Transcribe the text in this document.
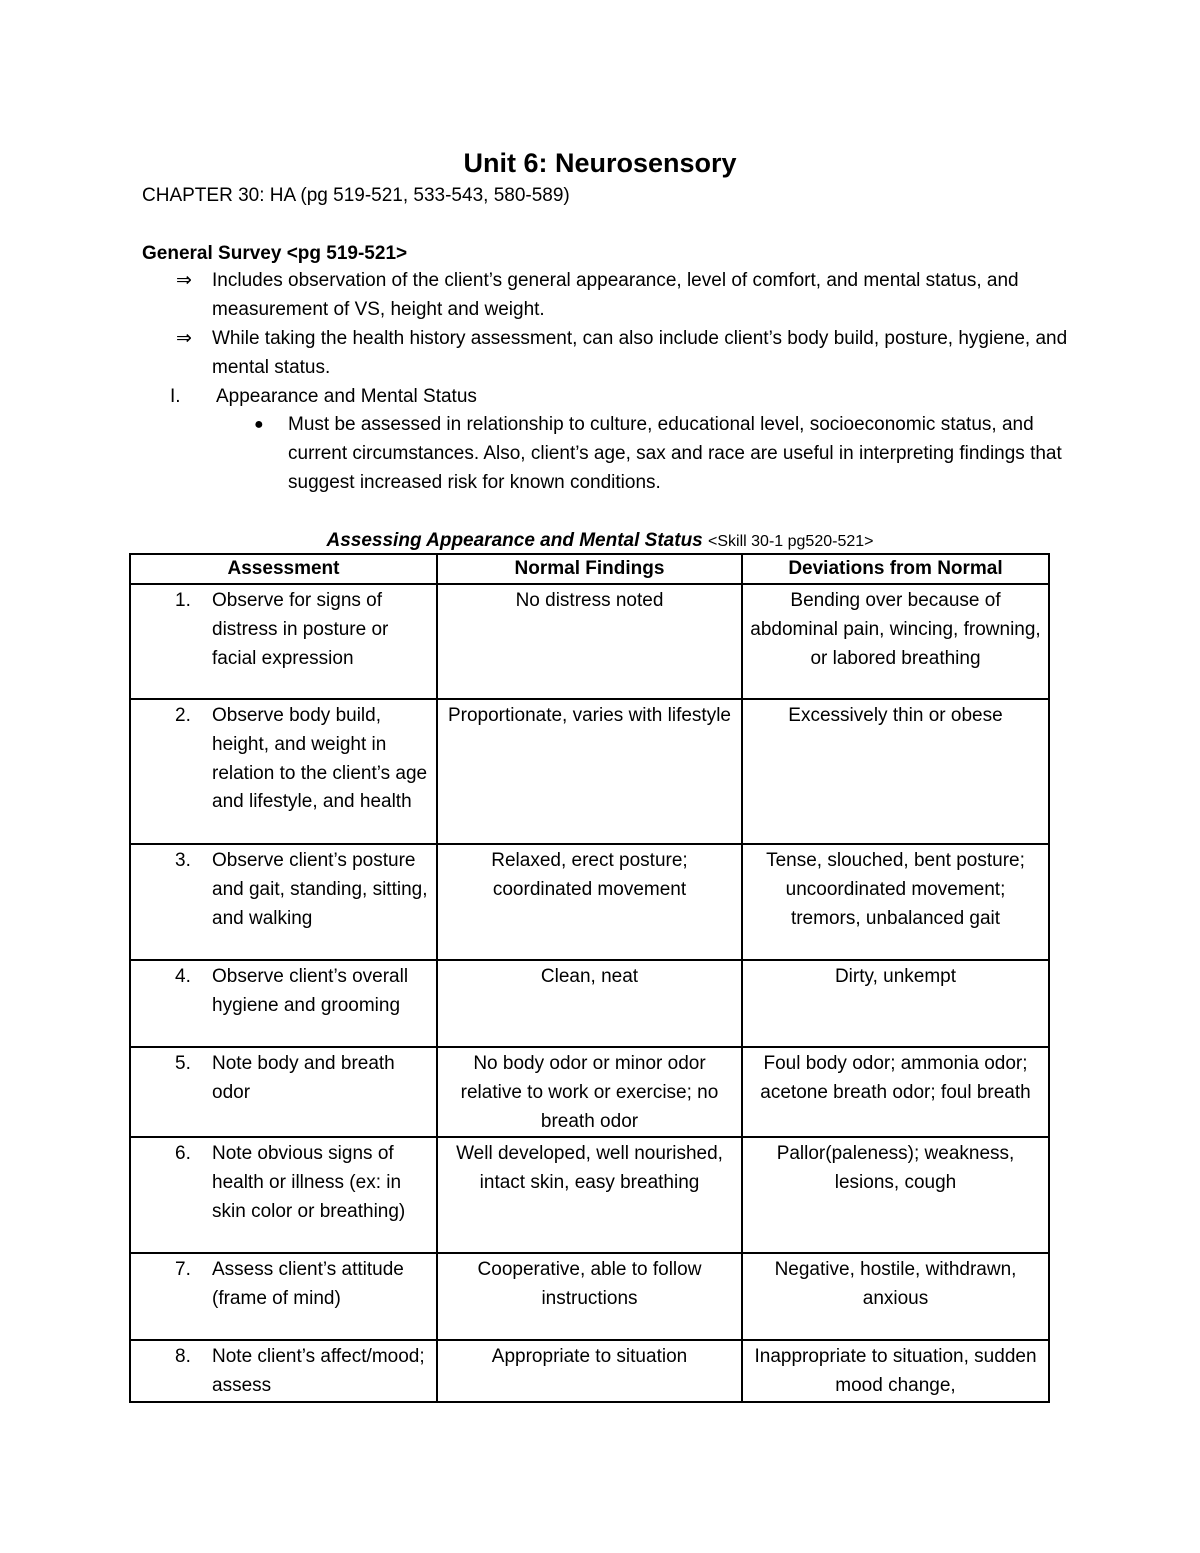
Unit 6: Neurosensory
CHAPTER 30: HA (pg 519-521, 533-543, 580-589)
General Survey <pg 519-521>
⇒	Includes observation of the client’s general appearance, level of comfort, and mental status, and measurement of VS, height and weight.
⇒	While taking the health history assessment, can also include client’s body build, posture, hygiene, and mental status.
I. Appearance and Mental Status
●	Must be assessed in relationship to culture, educational level, socioeconomic status, and current circumstances. Also, client’s age, sax and race are useful in interpreting findings that suggest increased risk for known conditions.
Assessing Appearance and Mental Status <Skill 30-1 pg520-521>
Assessment	Normal Findings	Deviations from Normal

1. Observe for signs of distress in posture or facial expression	No distress noted	Bending over because of abdominal pain, wincing, frowning, or labored breathing

2. Observe body build, height, and weight in relation to the client’s age and lifestyle, and health	Proportionate, varies with lifestyle	Excessively thin or obese

3. Observe client’s posture and gait, standing, sitting, and walking	Relaxed, erect posture; coordinated movement	Tense, slouched, bent posture; uncoordinated movement; tremors, unbalanced gait

4. Observe client’s overall hygiene and grooming	Clean, neat	Dirty, unkempt

5. Note body and breath odor	No body odor or minor odor relative to work or exercise; no breath odor	Foul body odor; ammonia odor; acetone breath odor; foul breath

6. Note obvious signs of health or illness (ex: in skin color or breathing)	Well developed, well nourished, intact skin, easy breathing	Pallor(paleness); weakness, lesions, cough

7. Assess client’s attitude (frame of mind)	Cooperative, able to follow instructions	Negative, hostile, withdrawn, anxious

8. Note client’s affect/mood; assess	Appropriate to situation	Inappropriate to situation, sudden mood change,
